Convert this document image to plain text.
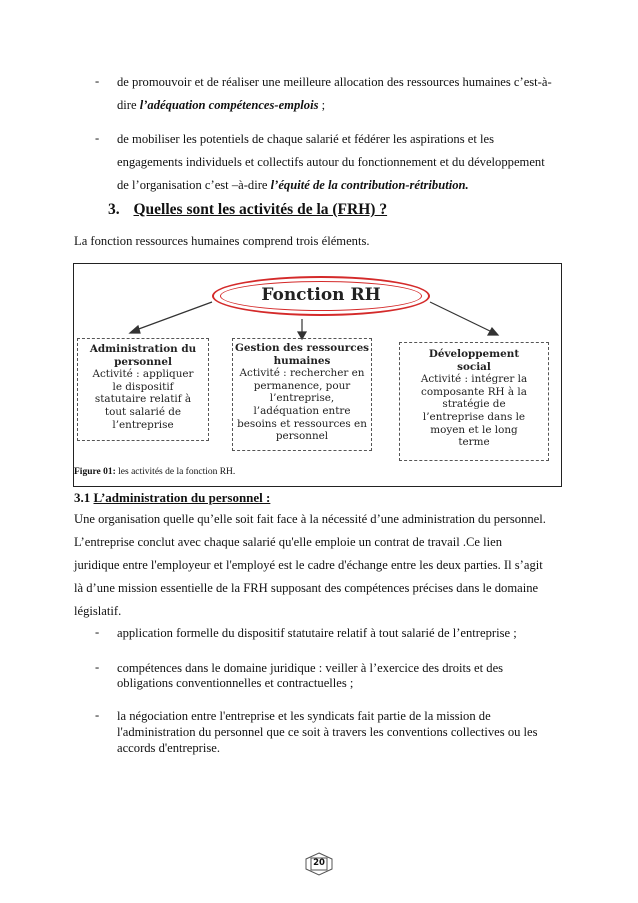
- de promouvoir et de réaliser une meilleure allocation des ressources humaines c’est-à-
dire l’adéquation compétences-emplois ;
- de mobiliser les potentiels de chaque salarié et fédérer les aspirations et les
engagements individuels et collectifs autour du fonctionnement et du développement
de l’organisation c’est –à-dire l’équité de la contribution-rétribution.
3. Quelles sont les activités de la (FRH) ?
La fonction ressources humaines comprend trois éléments.
Fonction RH
Administration du
personnel
Activité : appliquer
le dispositif
statutaire relatif à
tout salarié de
l’entreprise
Gestion des ressources
humaines
Activité : rechercher en
permanence, pour
l’entreprise,
l’adéquation entre
besoins et ressources en
personnel
Développement
social
Activité : intégrer la
composante RH à la
stratégie de
l’entreprise dans le
moyen et le long
terme
Figure 01: les activités de la fonction RH.
3.1 L’administration du personnel :
Une organisation quelle qu’elle soit fait face à la nécessité d’une administration du personnel.
L’entreprise conclut avec chaque salarié qu'elle emploie un contrat de travail .Ce lien
juridique entre l'employeur et l'employé est le cadre d'échange entre les deux parties. Il s’agit
là d’une mission essentielle de la FRH supposant des compétences précises dans le domaine
législatif.
- application formelle du dispositif statutaire relatif à tout salarié de l’entreprise ;
- compétences dans le domaine juridique : veiller à l’exercice des droits et des
obligations conventionnelles et contractuelles ;
- la négociation entre l'entreprise et les syndicats fait partie de la mission de
l'administration du personnel que ce soit à travers les conventions collectives ou les
accords d'entreprise.
20
